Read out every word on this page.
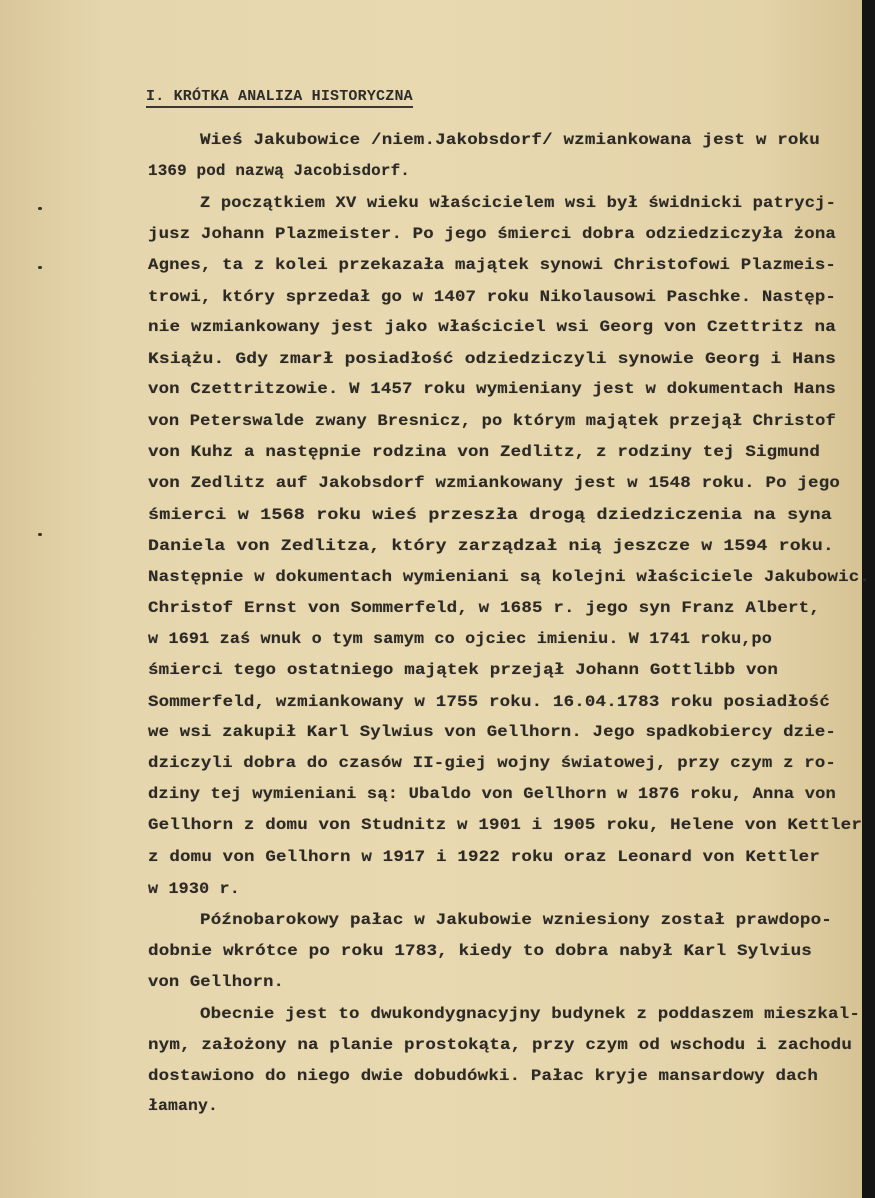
I. KRÓTKA ANALIZA HISTORYCZNA

Wieś Jakubowice /niem.Jakobsdorf/ wzmiankowana jest w roku

1369 pod nazwą Jacobisdorf.

Z początkiem XV wieku właścicielem wsi był świdnicki patrycj-

jusz Johann Plazmeister. Po jego śmierci dobra odziedziczyła żona

Agnes, ta z kolei przekazała majątek synowi Christofowi Plazmeis-

trowi, który sprzedał go w 1407 roku Nikolausowi Paschke. Następ-

nie wzmiankowany jest jako właściciel wsi Georg von Czettritz na

Książu. Gdy zmarł posiadłość odziedziczyli synowie Georg i Hans

von Czettritzowie. W 1457 roku wymieniany jest w dokumentach Hans

von Peterswalde zwany Bresnicz, po którym majątek przejął Christof

von Kuhz a następnie rodzina von Zedlitz, z rodziny tej Sigmund

von Zedlitz auf Jakobsdorf wzmiankowany jest w 1548 roku. Po jego

śmierci w 1568 roku wieś przeszła drogą dziedziczenia na syna

Daniela von Zedlitza, który zarządzał nią jeszcze w 1594 roku.

Następnie w dokumentach wymieniani są kolejni właściciele Jakubowic.

Christof Ernst von Sommerfeld, w 1685 r. jego syn Franz Albert,

w 1691 zaś wnuk o tym samym co ojciec imieniu. W 1741 roku,po

śmierci tego ostatniego majątek przejął Johann Gottlibb von

Sommerfeld, wzmiankowany w 1755 roku. 16.04.1783 roku posiadłość

we wsi zakupił Karl Sylwius von Gellhorn. Jego spadkobiercy dzie-

dziczyli dobra do czasów II-giej wojny światowej, przy czym z ro-

dziny tej wymieniani są: Ubaldo von Gellhorn w 1876 roku, Anna von

Gellhorn z domu von Studnitz w 1901 i 1905 roku, Helene von Kettler

z domu von Gellhorn w 1917 i 1922 roku oraz Leonard von Kettler

w 1930 r.

Późnobarokowy pałac w Jakubowie wzniesiony został prawdopo-

dobnie wkrótce po roku 1783, kiedy to dobra nabył Karl Sylvius

von Gellhorn.

Obecnie jest to dwukondygnacyjny budynek z poddaszem mieszkal-

nym, założony na planie prostokąta, przy czym od wschodu i zachodu

dostawiono do niego dwie dobudówki. Pałac kryje mansardowy dach

łamany.
